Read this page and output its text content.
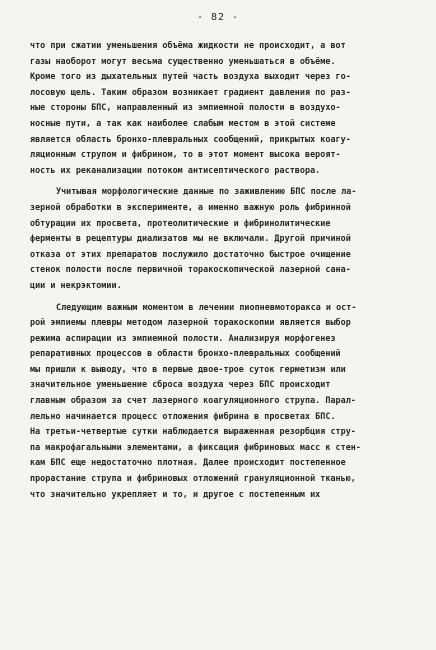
- 82 -
что при сжатии уменьшения объёма жидкости не происходит, а вот
газы наоборот могут весьма существенно уменьшаться в объёме.
Кроме того из дыхательных путей часть воздуха выходит через го-
лосовую щель. Таким образом возникает градиент давления по раз-
ные стороны БПС, направленный из эмпиемной полости в воздухо-
носные пути, а так как наиболее слабым местом в этой системе
является область бронхо-плевральных сообщений, прикрытых коагу-
ляционным струпом и фибрином, то в этот момент высока вероят-
ность их реканализации потоком антисептического раствора.
Учитывая морфологические данные по заживлению БПС после ла-
зерной обработки в эксперименте, а именно важную роль фибринной
обтурации их просвета, протеолитические и фибринолитические
ферменты в рецептуры диализатов мы не включали. Другой причиной
отказа от этих препаратов послужило достаточно быстрое очищение
стенок полости после первичной торакоскопической лазерной сана-
ции и некрэктомии.
Следующим важным моментом в лечении пиопневмоторакса и ост-
рой эмпиемы плевры методом лазерной торакоскопии является выбор
режима аспирации из эмпиемной полости. Анализируя морфогенез
репаративных процессов в области бронхо-плевральных сообщений
мы пришли к выводу, что в первые двое-трое суток герметизм или
значительное уменьшение сброса воздуха через БПС происходит
главным образом за счет лазерного коагуляционного струпа. Парал-
лельно начинается процесс отложения фибрина в просветах БПС.
На третьи-четвертые сутки наблюдается выраженная резорбция стру-
па макрофагальными элементами, а фиксация фибриновых масс к стен-
кам БПС еще недостаточно плотная. Далее происходит постепенное
прорастание струпа и фибриновых отложений грануляционной тканью,
что значительно укрепляет и то, и другое с постепенным их
